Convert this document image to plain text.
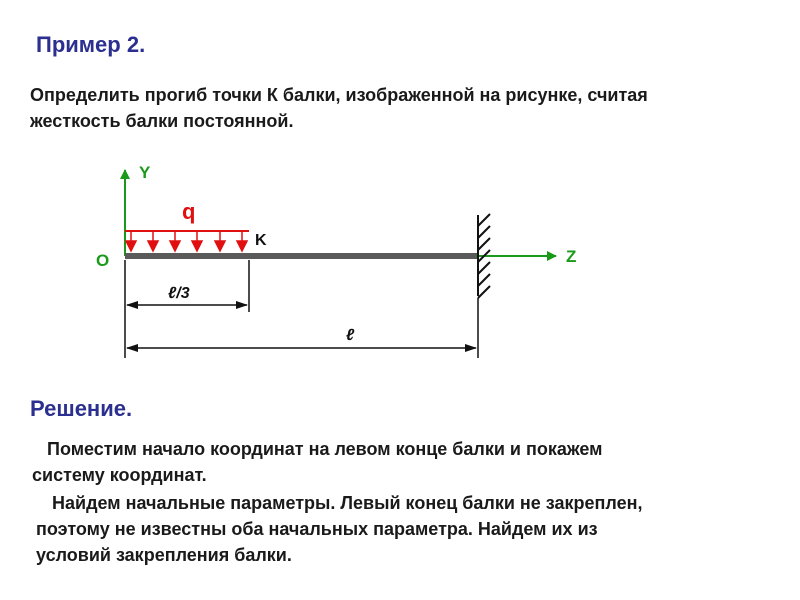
Пример 2.
Определить прогиб точки К балки, изображенной на рисунке, считая
жесткость балки постоянной.
Y
Z
O
q
K
ℓ/3
ℓ
Решение.
Поместим начало координат на левом конце балки и покажем
систему координат.
Найдем начальные параметры. Левый конец балки не закреплен,
поэтому не известны оба начальных параметра. Найдем их из
условий закрепления балки.
